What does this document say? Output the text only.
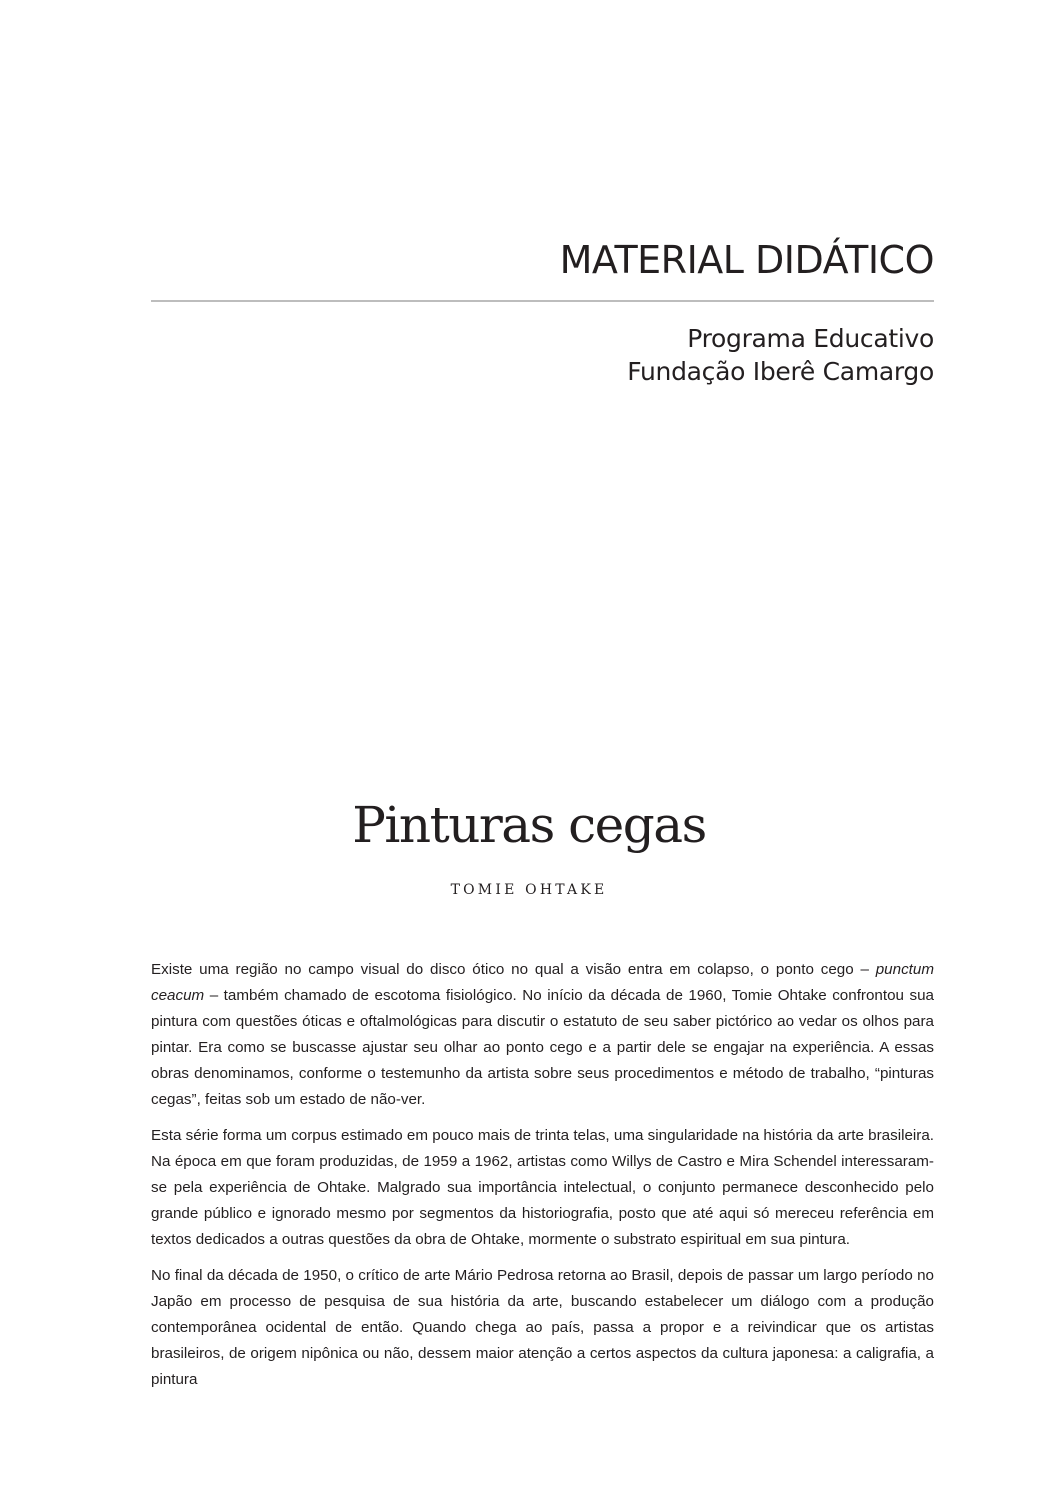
MATERIAL DIDÁTICO
Programa Educativo
Fundação Iberê Camargo
Pinturas cegas
TOMIE OHTAKE

Existe uma região no campo visual do disco ótico no qual a visão entra em colapso, o ponto cego – punctum ceacum – também chamado de escotoma fisiológico. No início da década de 1960, Tomie Ohtake confrontou sua pintura com questões óticas e oftalmológicas para discutir o estatuto de seu saber pictórico ao vedar os olhos para pintar. Era como se buscasse ajustar seu olhar ao ponto cego e a partir dele se engajar na experiência. A essas obras denominamos, conforme o testemunho da artista sobre seus procedimentos e método de trabalho, “pinturas cegas”, feitas sob um estado de não-ver.

Esta série forma um corpus estimado em pouco mais de trinta telas, uma singularidade na história da arte brasileira. Na época em que foram produzidas, de 1959 a 1962, artistas como Willys de Castro e Mira Schendel interessaram-se pela experiência de Ohtake. Malgrado sua importância intelectual, o conjunto permanece desconhecido pelo grande público e ignorado mesmo por segmentos da historiografia, posto que até aqui só mereceu referência em textos dedicados a outras questões da obra de Ohtake, mormente o substrato espiritual em sua pintura.

No final da década de 1950, o crítico de arte Mário Pedrosa retorna ao Brasil, depois de passar um largo período no Japão em processo de pesquisa de sua história da arte, buscando estabelecer um diálogo com a produção contemporânea ocidental de então. Quando chega ao país, passa a propor e a reivindicar que os artistas brasileiros, de origem nipônica ou não, dessem maior atenção a certos aspectos da cultura japonesa: a caligrafia, a pintura
